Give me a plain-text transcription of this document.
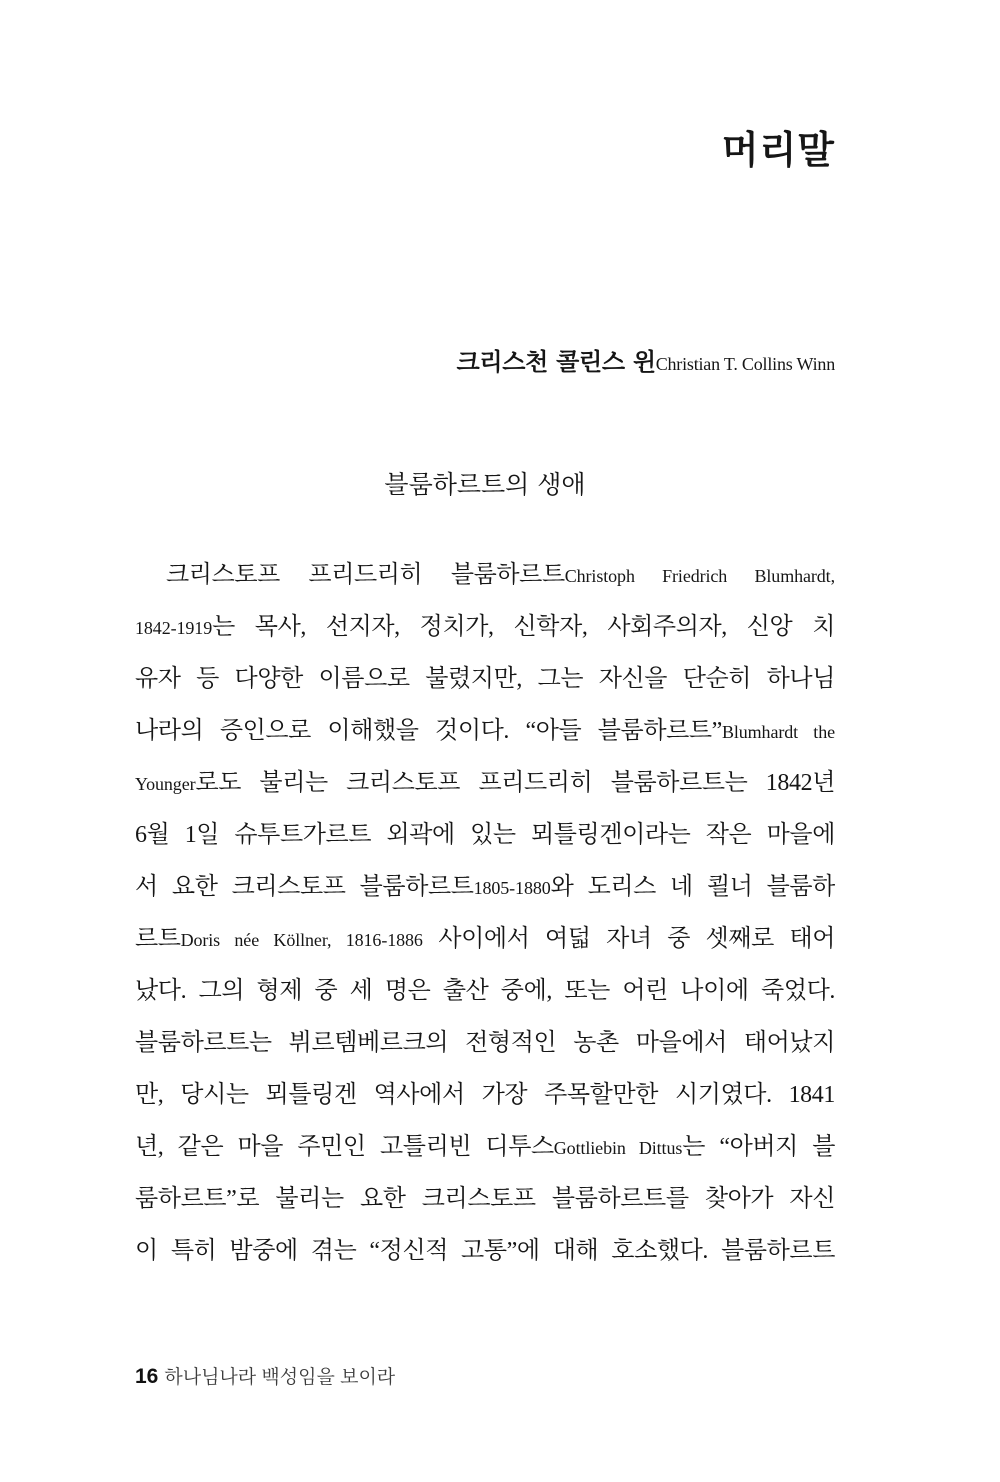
머리말
크리스천 콜린스 윈Christian T. Collins Winn
블룸하르트의 생애
크리스토프 프리드리히 블룸하르트Christoph Friedrich Blumhardt,
1842-1919는 목사, 선지자, 정치가, 신학자, 사회주의자, 신앙 치
유자 등 다양한 이름으로 불렸지만, 그는 자신을 단순히 하나님
나라의 증인으로 이해했을 것이다. “아들 블룸하르트”Blumhardt the
Younger로도 불리는 크리스토프 프리드리히 블룸하르트는 1842년
6월 1일 슈투트가르트 외곽에 있는 뫼틀링겐이라는 작은 마을에
서 요한 크리스토프 블룸하르트1805-1880와 도리스 네 쾰너 블룸하
르트Doris née Köllner, 1816-1886 사이에서 여덟 자녀 중 셋째로 태어
났다. 그의 형제 중 세 명은 출산 중에, 또는 어린 나이에 죽었다.
블룸하르트는 뷔르템베르크의 전형적인 농촌 마을에서 태어났지
만, 당시는 뫼틀링겐 역사에서 가장 주목할만한 시기였다. 1841
년, 같은 마을 주민인 고틀리빈 디투스Gottliebin Dittus는 “아버지 블
룸하르트”로 불리는 요한 크리스토프 블룸하르트를 찾아가 자신
이 특히 밤중에 겪는 “정신적 고통”에 대해 호소했다. 블룸하르트
16 하나님나라 백성임을 보이라
